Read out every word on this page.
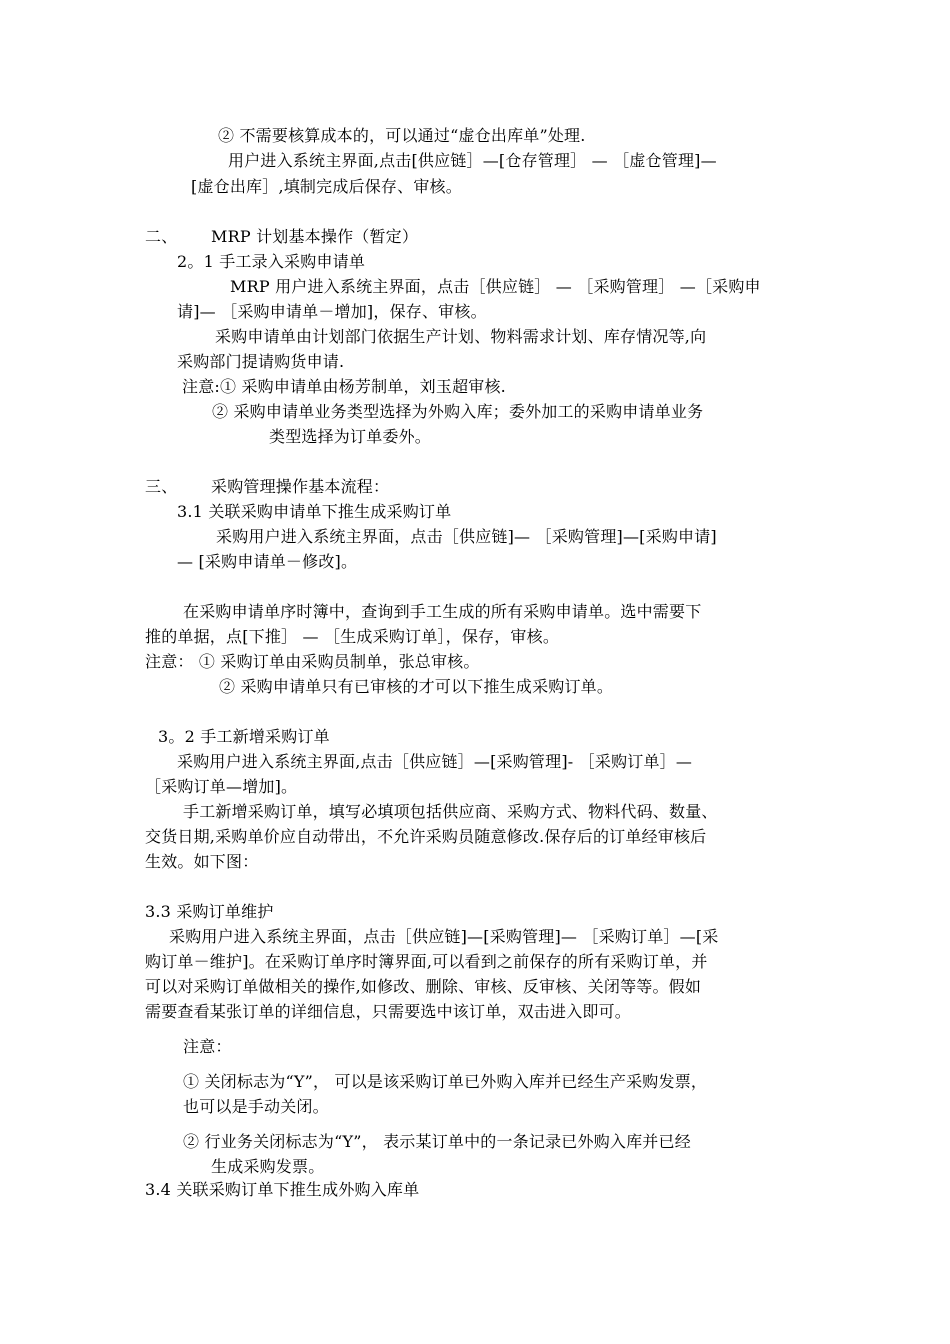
② 不需要核算成本的，可以通过“虚仓出库单”处理.
用户进入系统主界面,点击[供应链］—[仓存管理］ — ［虚仓管理]—
[虚仓出库］,填制完成后保存、审核。
二、 MRP 计划基本操作（暂定）
2。1 手工录入采购申请单
MRP 用户进入系统主界面，点击［供应链］ — ［采购管理］ —［采购申
请]— ［采购申请单－增加]，保存、审核。
采购申请单由计划部门依据生产计划、物料需求计划、库存情况等,向
采购部门提请购货申请.
注意:① 采购申请单由杨芳制单，刘玉超审核.
② 采购申请单业务类型选择为外购入库；委外加工的采购申请单业务
类型选择为订单委外。
三、 采购管理操作基本流程：
3.1 关联采购申请单下推生成采购订单
采购用户进入系统主界面，点击［供应链]— ［采购管理]—[采购申请]
— [采购申请单－修改]。
在采购申请单序时簿中，查询到手工生成的所有采购申请单。选中需要下
推的单据，点[下推］ — ［生成采购订单］，保存，审核。
注意： ① 采购订单由采购员制单，张总审核。
② 采购申请单只有已审核的才可以下推生成采购订单。
3。2 手工新增采购订单
采购用户进入系统主界面,点击［供应链］—[采购管理]- ［采购订单］—
［采购订单—增加]。
手工新增采购订单，填写必填项包括供应商、采购方式、物料代码、数量、
交货日期,采购单价应自动带出，不允许采购员随意修改.保存后的订单经审核后
生效。如下图：
3.3 采购订单维护
采购用户进入系统主界面，点击［供应链]—[采购管理]— ［采购订单］—[采
购订单－维护]。在采购订单序时簿界面,可以看到之前保存的所有采购订单，并
可以对采购订单做相关的操作,如修改、删除、审核、反审核、关闭等等。假如
需要查看某张订单的详细信息，只需要选中该订单，双击进入即可。
注意：
① 关闭标志为“Y”， 可以是该采购订单已外购入库并已经生产采购发票，
也可以是手动关闭。
② 行业务关闭标志为“Y”， 表示某订单中的一条记录已外购入库并已经
生成采购发票。
3.4 关联采购订单下推生成外购入库单
